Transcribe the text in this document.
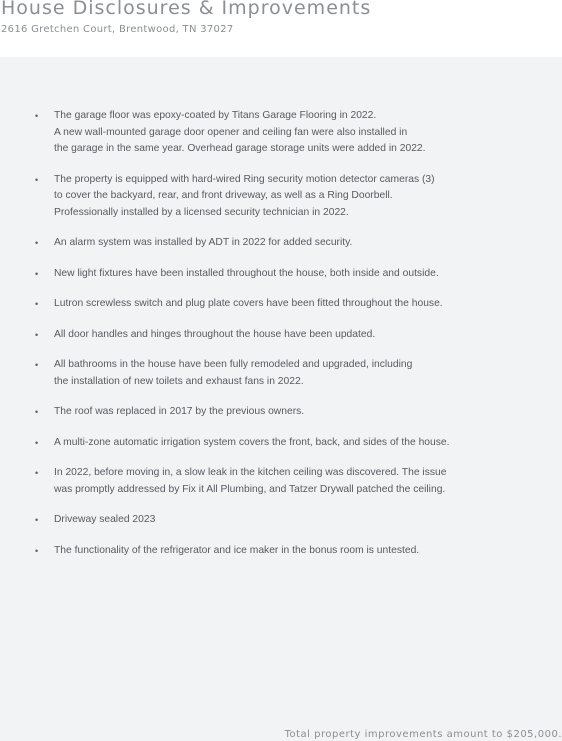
House Disclosures & Improvements
2616 Gretchen Court, Brentwood, TN 37027
• The garage floor was epoxy-coated by Titans Garage Flooring in 2022.
A new wall-mounted garage door opener and ceiling fan were also installed in
the garage in the same year. Overhead garage storage units were added in 2022.
• The property is equipped with hard-wired Ring security motion detector cameras (3)
to cover the backyard, rear, and front driveway, as well as a Ring Doorbell.
Professionally installed by a licensed security technician in 2022.
• An alarm system was installed by ADT in 2022 for added security.
• New light fixtures have been installed throughout the house, both inside and outside.
• Lutron screwless switch and plug plate covers have been fitted throughout the house.
• All door handles and hinges throughout the house have been updated.
• All bathrooms in the house have been fully remodeled and upgraded, including
the installation of new toilets and exhaust fans in 2022.
• The roof was replaced in 2017 by the previous owners.
• A multi-zone automatic irrigation system covers the front, back, and sides of the house.
• In 2022, before moving in, a slow leak in the kitchen ceiling was discovered. The issue
was promptly addressed by Fix it All Plumbing, and Tatzer Drywall patched the ceiling.
• Driveway sealed 2023
• The functionality of the refrigerator and ice maker in the bonus room is untested.
Total property improvements amount to $205,000.
